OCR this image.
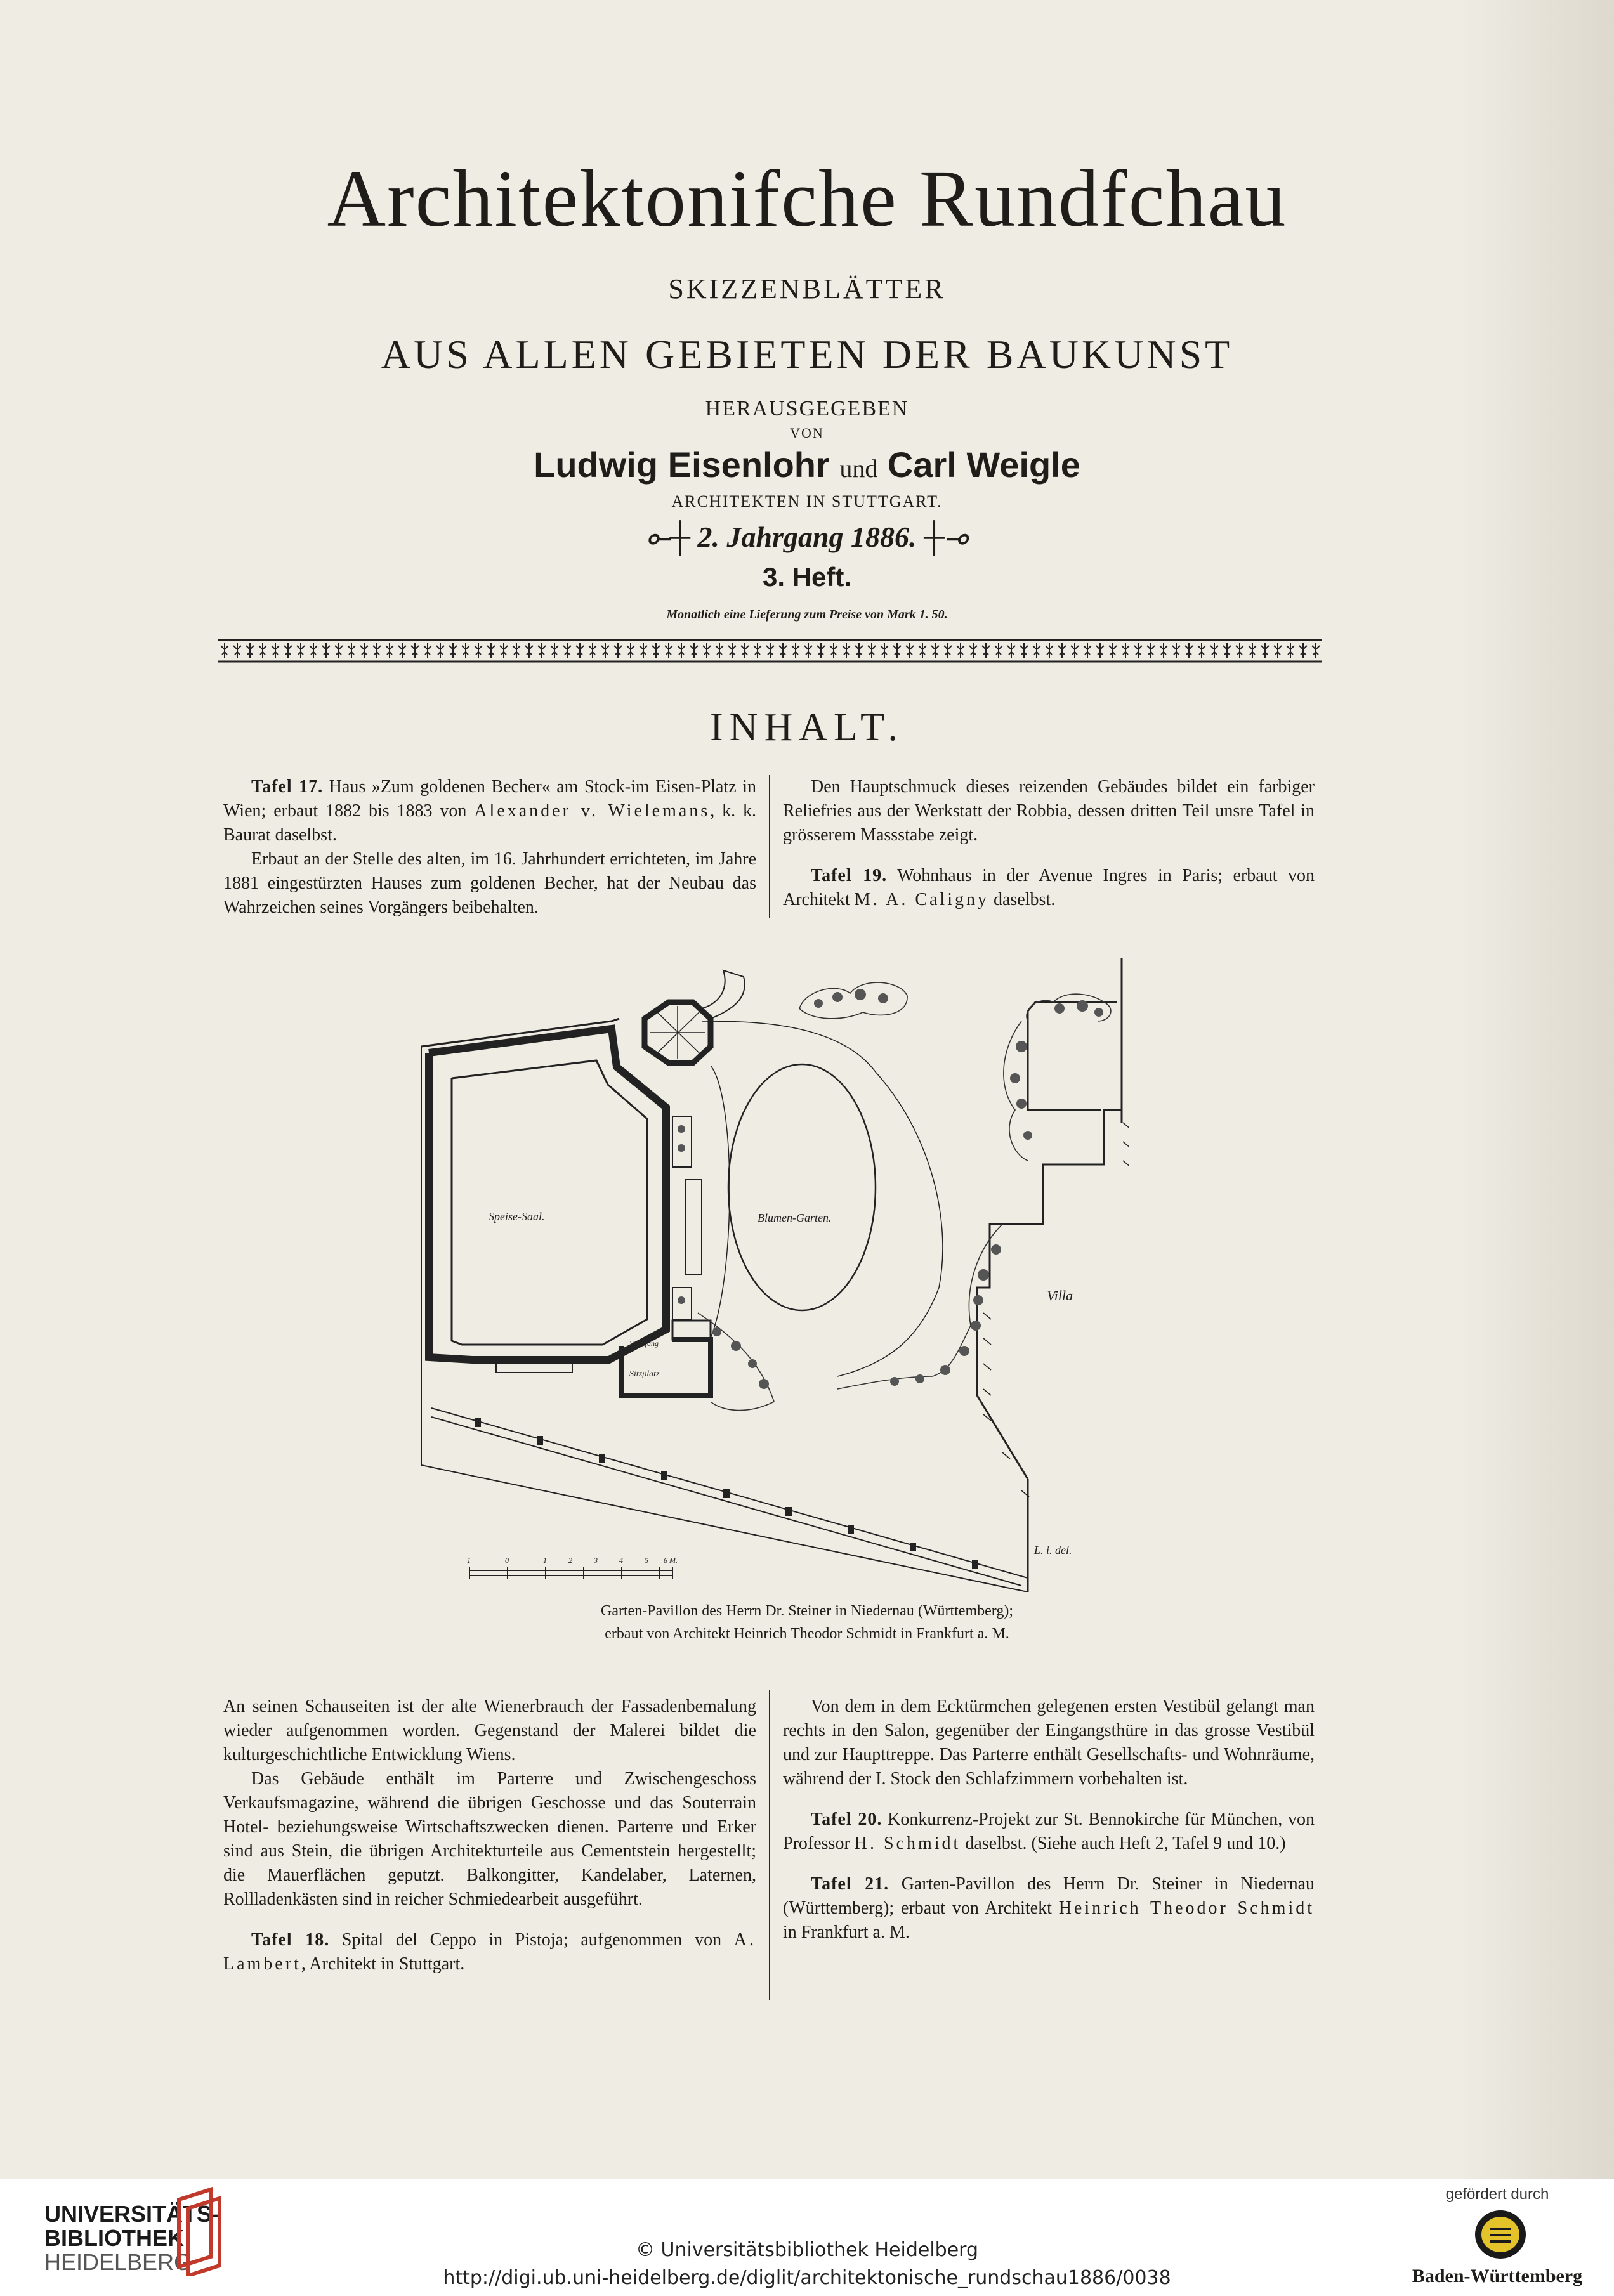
Architektonifche Rundfchau
SKIZZENBLÄTTER
AUS ALLEN GEBIETEN DER BAUKUNST
HERAUSGEGEBEN
VON
Ludwig Eisenlohr und Carl Weigle
ARCHITEKTEN IN STUTTGART.
⟜┼ 2. Jahrgang 1886. ┼⊸
3. Heft.
Monatlich eine Lieferung zum Preise von Mark 1. 50.
INHALT.

Tafel 17. Haus »Zum goldenen Becher« am Stock-im Eisen-Platz in Wien; erbaut 1882 bis 1883 von Alexander v. Wielemans, k. k. Baurat daselbst.

Erbaut an der Stelle des alten, im 16. Jahrhundert errichteten, im Jahre 1881 eingestürzten Hauses zum goldenen Becher, hat der Neubau das Wahrzeichen seines Vorgängers beibehalten.

Den Hauptschmuck dieses reizenden Gebäudes bildet ein farbiger Reliefries aus der Werkstatt der Robbia, dessen dritten Teil unsre Tafel in grösserem Massstabe zeigt.

Tafel 19. Wohnhaus in der Avenue Ingres in Paris; erbaut von Architekt M. A. Caligny daselbst.

Speise-Saal.	Blumen-Garten.
Villa
Windfang
Sitzplatz
L. i. del.
1	0	1	2	3	4	5 6 M.
Garten-Pavillon des Herrn Dr. Steiner in Niedernau (Württemberg);
erbaut von Architekt Heinrich Theodor Schmidt in Frankfurt a. M.

An seinen Schauseiten ist der alte Wienerbrauch der Fassadenbemalung wieder aufgenommen worden. Gegenstand der Malerei bildet die kulturgeschichtliche Entwicklung Wiens.

Das Gebäude enthält im Parterre und Zwischengeschoss Verkaufsmagazine, während die übrigen Geschosse und das Souterrain Hotel- beziehungsweise Wirtschaftszwecken dienen. Parterre und Erker sind aus Stein, die übrigen Architekturteile aus Cementstein hergestellt; die Mauerflächen geputzt. Balkongitter, Kandelaber, Laternen, Rollladenkästen sind in reicher Schmiedearbeit ausgeführt.

Tafel 18. Spital del Ceppo in Pistoja; aufgenommen von A. Lambert, Architekt in Stuttgart.

Von dem in dem Ecktürmchen gelegenen ersten Vestibül gelangt man rechts in den Salon, gegenüber der Eingangsthüre in das grosse Vestibül und zur Haupttreppe. Das Parterre enthält Gesellschafts- und Wohnräume, während der I. Stock den Schlafzimmern vorbehalten ist.

Tafel 20. Konkurrenz-Projekt zur St. Bennokirche für München, von Professor H. Schmidt daselbst. (Siehe auch Heft 2, Tafel 9 und 10.)

Tafel 21. Garten-Pavillon des Herrn Dr. Steiner in Niedernau (Württemberg); erbaut von Architekt Heinrich Theodor Schmidt in Frankfurt a. M.

UNIVERSITÄTS-
BIBLIOTHEK
HEIDELBERG	© Universitätsbibliothek Heidelberg
http://digi.ub.uni-heidelberg.de/diglit/architektonische_rundschau1886/0038
gefördert durch
Baden-Württemberg
